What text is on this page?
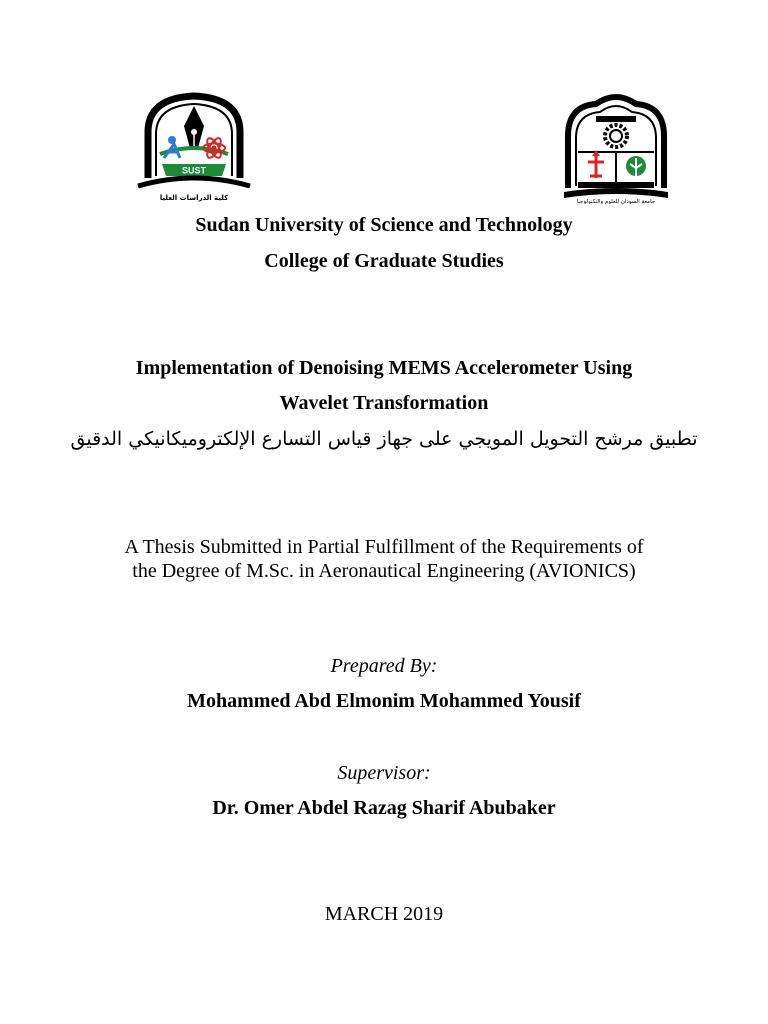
SUST
كلية الدراسات العليا	جامعة السودان للعلوم والتكنولوجيا
Sudan University of Science and Technology
College of Graduate Studies
Implementation of Denoising MEMS Accelerometer Using
Wavelet Transformation
تطبيق مرشح التحويل المويجي على جهاز قياس التسارع الإلكتروميكانيكي الدقيق
A Thesis Submitted in Partial Fulfillment of the Requirements of
the Degree of M.Sc. in Aeronautical Engineering (AVIONICS)
Prepared By:
Mohammed Abd Elmonim Mohammed Yousif
Supervisor:
Dr. Omer Abdel Razag Sharif Abubaker
MARCH 2019
